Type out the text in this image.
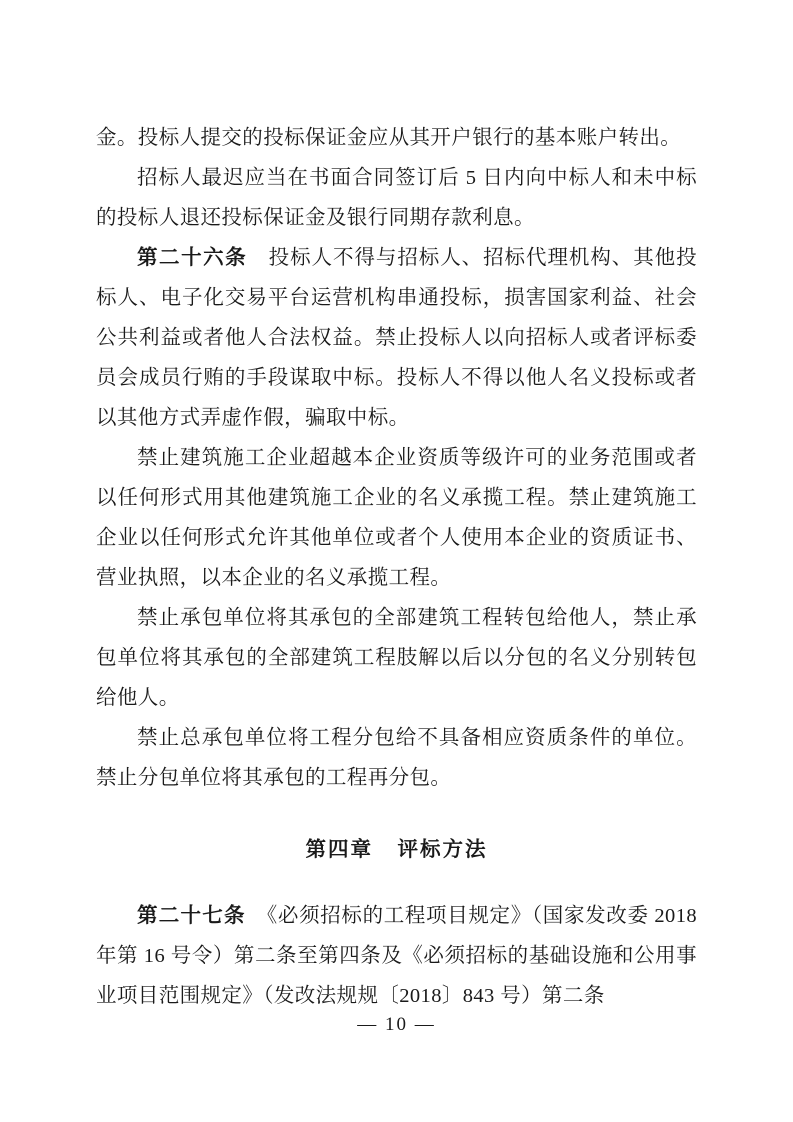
金。投标人提交的投标保证金应从其开户银行的基本账户转出。

招标人最迟应当在书面合同签订后 5 日内向中标人和未中标的投标人退还投标保证金及银行同期存款利息。

第二十六条　 投标人不得与招标人、招标代理机构、其他投标人、电子化交易平台运营机构串通投标，损害国家利益、社会公共利益或者他人合法权益。禁止投标人以向招标人或者评标委员会成员行贿的手段谋取中标。投标人不得以他人名义投标或者以其他方式弄虚作假，骗取中标。

禁止建筑施工企业超越本企业资质等级许可的业务范围或者以任何形式用其他建筑施工企业的名义承揽工程。禁止建筑施工企业以任何形式允许其他单位或者个人使用本企业的资质证书、营业执照，以本企业的名义承揽工程。

禁止承包单位将其承包的全部建筑工程转包给他人，禁止承包单位将其承包的全部建筑工程肢解以后以分包的名义分别转包给他人。

禁止总承包单位将工程分包给不具备相应资质条件的单位。禁止分包单位将其承包的工程再分包。

第四章 评标方法

第二十七条　 《必须招标的工程项目规定》（国家发改委 2018 年第 16 号令）第二条至第四条及《必须招标的基础设施和公用事业项目范围规定》（发改法规规〔2018〕843 号）第二条

— 10 —
